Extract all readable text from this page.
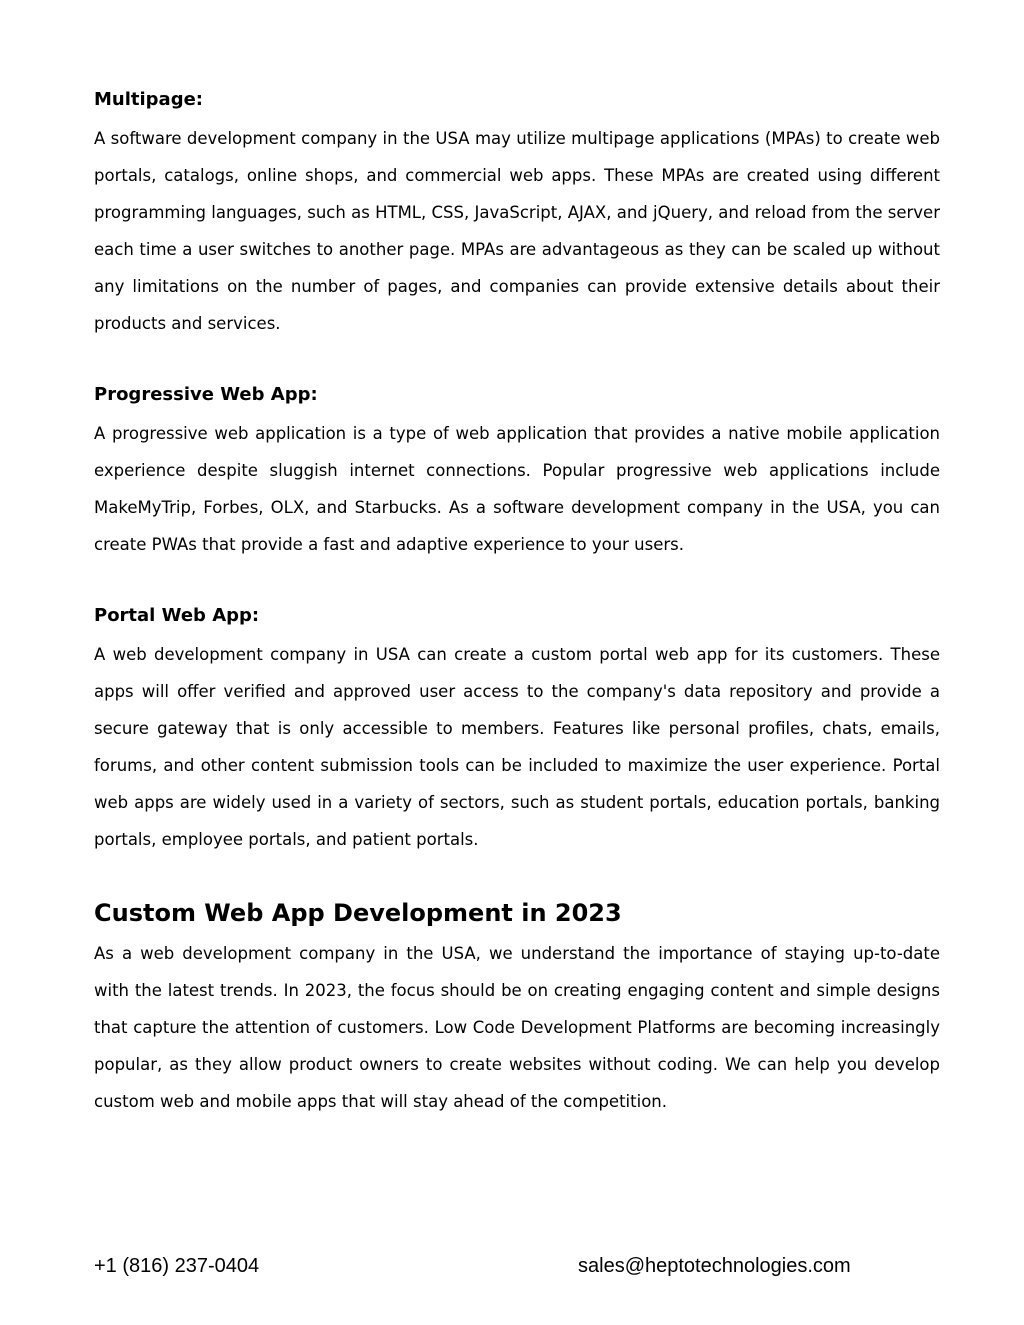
Multipage:

A software development company in the USA may utilize multipage applications (MPAs) to create web portals, catalogs, online shops, and commercial web apps. These MPAs are created using different programming languages, such as HTML, CSS, JavaScript, AJAX, and jQuery, and reload from the server each time a user switches to another page. MPAs are advantageous as they can be scaled up without any limitations on the number of pages, and companies can provide extensive details about their products and services.

Progressive Web App:

A progressive web application is a type of web application that provides a native mobile application experience despite sluggish internet connections. Popular progressive web applications include MakeMyTrip, Forbes, OLX, and Starbucks. As a software development company in the USA, you can create PWAs that provide a fast and adaptive experience to your users.

Portal Web App:

A web development company in USA can create a custom portal web app for its customers. These apps will offer verified and approved user access to the company's data repository and provide a secure gateway that is only accessible to members. Features like personal profiles, chats, emails, forums, and other content submission tools can be included to maximize the user experience. Portal web apps are widely used in a variety of sectors, such as student portals, education portals, banking portals, employee portals, and patient portals.

Custom Web App Development in 2023

As a web development company in the USA, we understand the importance of staying up-to-date with the latest trends. In 2023, the focus should be on creating engaging content and simple designs that capture the attention of customers. Low Code Development Platforms are becoming increasingly popular, as they allow product owners to create websites without coding. We can help you develop custom web and mobile apps that will stay ahead of the competition.

+1 (816) 237-0404	sales@heptotechnologies.com
